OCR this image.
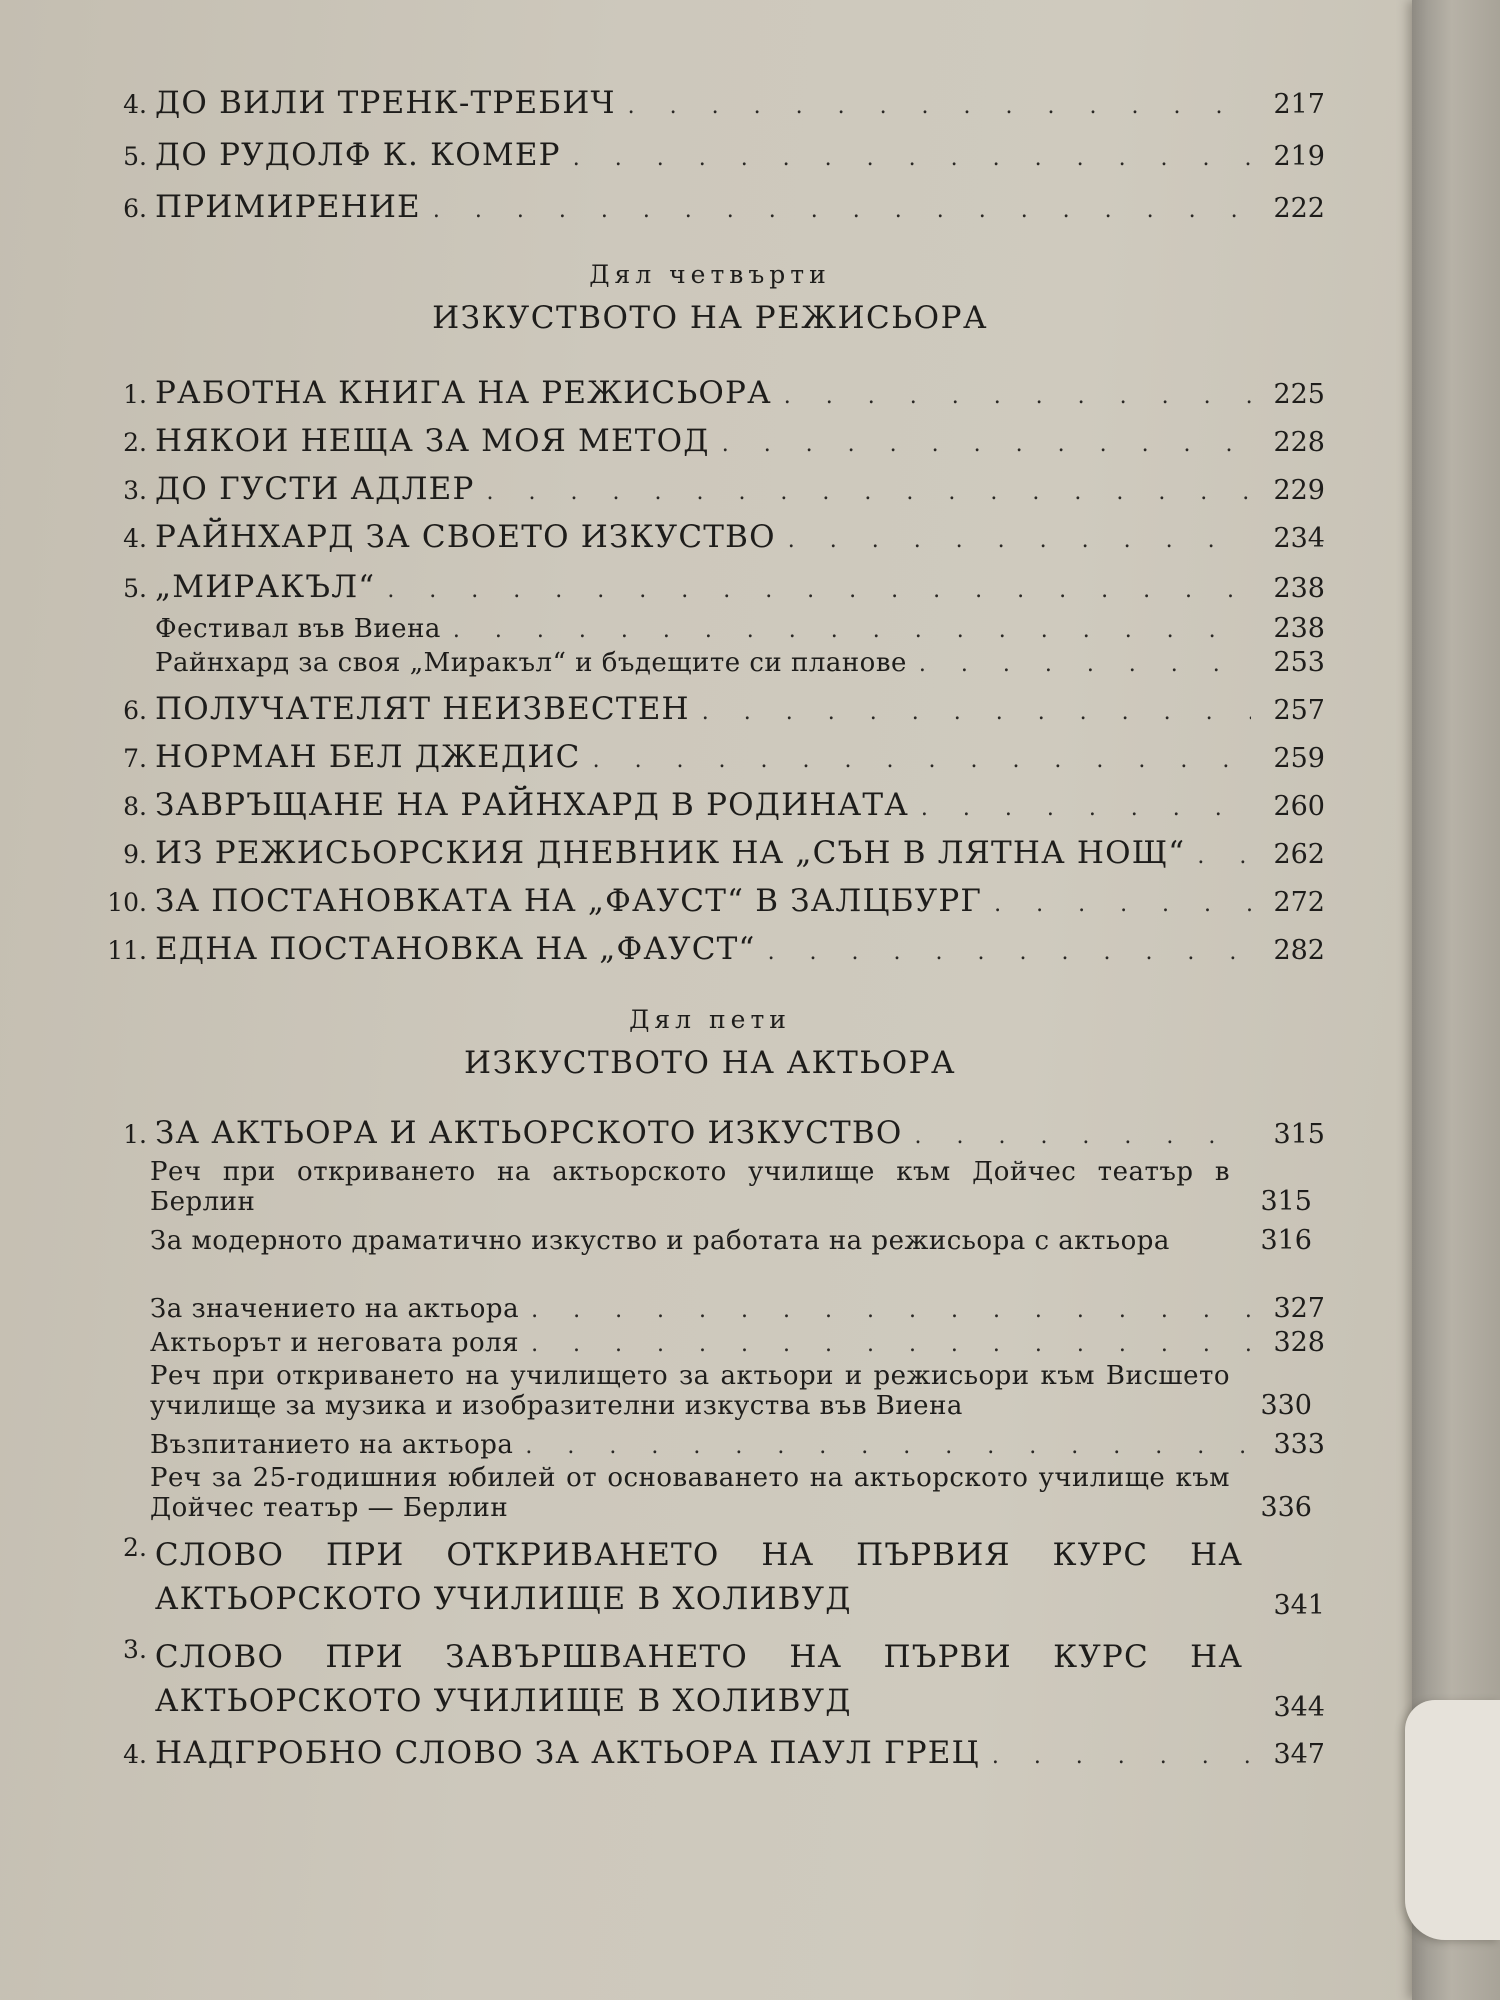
4. ДО ВИЛИ ТРЕНК-ТРЕБИЧ . . .	217
5. ДО РУДОЛФ К. КОМЕР . . .	219
6. ПРИМИРЕНИЕ . . .	222
Дял четвърти
ИЗКУСТВОТО НА РЕЖИСЬОРА
1. РАБОТНА КНИГА НА РЕЖИСЬОРА . . .	225
2. НЯКОИ НЕЩА ЗА МОЯ МЕТОД . . .	228
3. ДО ГУСТИ АДЛЕР . . .	229
4. РАЙНХАРД ЗА СВОЕТО ИЗКУСТВО . . .	234
5. „МИРАКЪЛ“ . . .	238
Фестивал във Виена . . .	238
Райнхард за своя „Миракъл“ и бъдещите си планове . . .	253
6. ПОЛУЧАТЕЛЯТ НЕИЗВЕСТЕН . . .	257
7. НОРМАН БЕЛ ДЖЕДИС . . .	259
8. ЗАВРЪЩАНЕ НА РАЙНХАРД В РОДИНАТА . . .	260
9. ИЗ РЕЖИСЬОРСКИЯ ДНЕВНИК НА „СЪН В ЛЯТНА НОЩ“ . . .	262
10. ЗА ПОСТАНОВКАТА НА „ФАУСТ“ В ЗАЛЦБУРГ . . .	272
11. ЕДНА ПОСТАНОВКА НА „ФАУСТ“ . . .	282
Дял пети
ИЗКУСТВОТО НА АКТЬОРА
1. ЗА АКТЬОРА И АКТЬОРСКОТО ИЗКУСТВО . . .	315
Реч при откриването на актьорското училище към Дойчес театър в Берлин	315
За модерното драматично изкуство и работата на режисьора с актьора	316
За значението на актьора . . .	327
Актьорът и неговата роля . . .	328
Реч при откриването на училището за актьори и режисьори към Висшето училище за музика и изобразителни изкуства във Виена	330
Възпитанието на актьора . . .	333
Реч за 25-годишния юбилей от основаването на актьорското училище към Дойчес театър — Берлин	336
2. СЛОВО ПРИ ОТКРИВАНЕТО НА ПЪРВИЯ КУРС НА АКТЬОРСКОТО УЧИЛИЩЕ В ХОЛИВУД	341
3. СЛОВО ПРИ ЗАВЪРШВАНЕТО НА ПЪРВИ КУРС НА АКТЬОРСКОТО УЧИЛИЩЕ В ХОЛИВУД	344
4. НАДГРОБНО СЛОВО ЗА АКТЬОРА ПАУЛ ГРЕЦ . . .	347
